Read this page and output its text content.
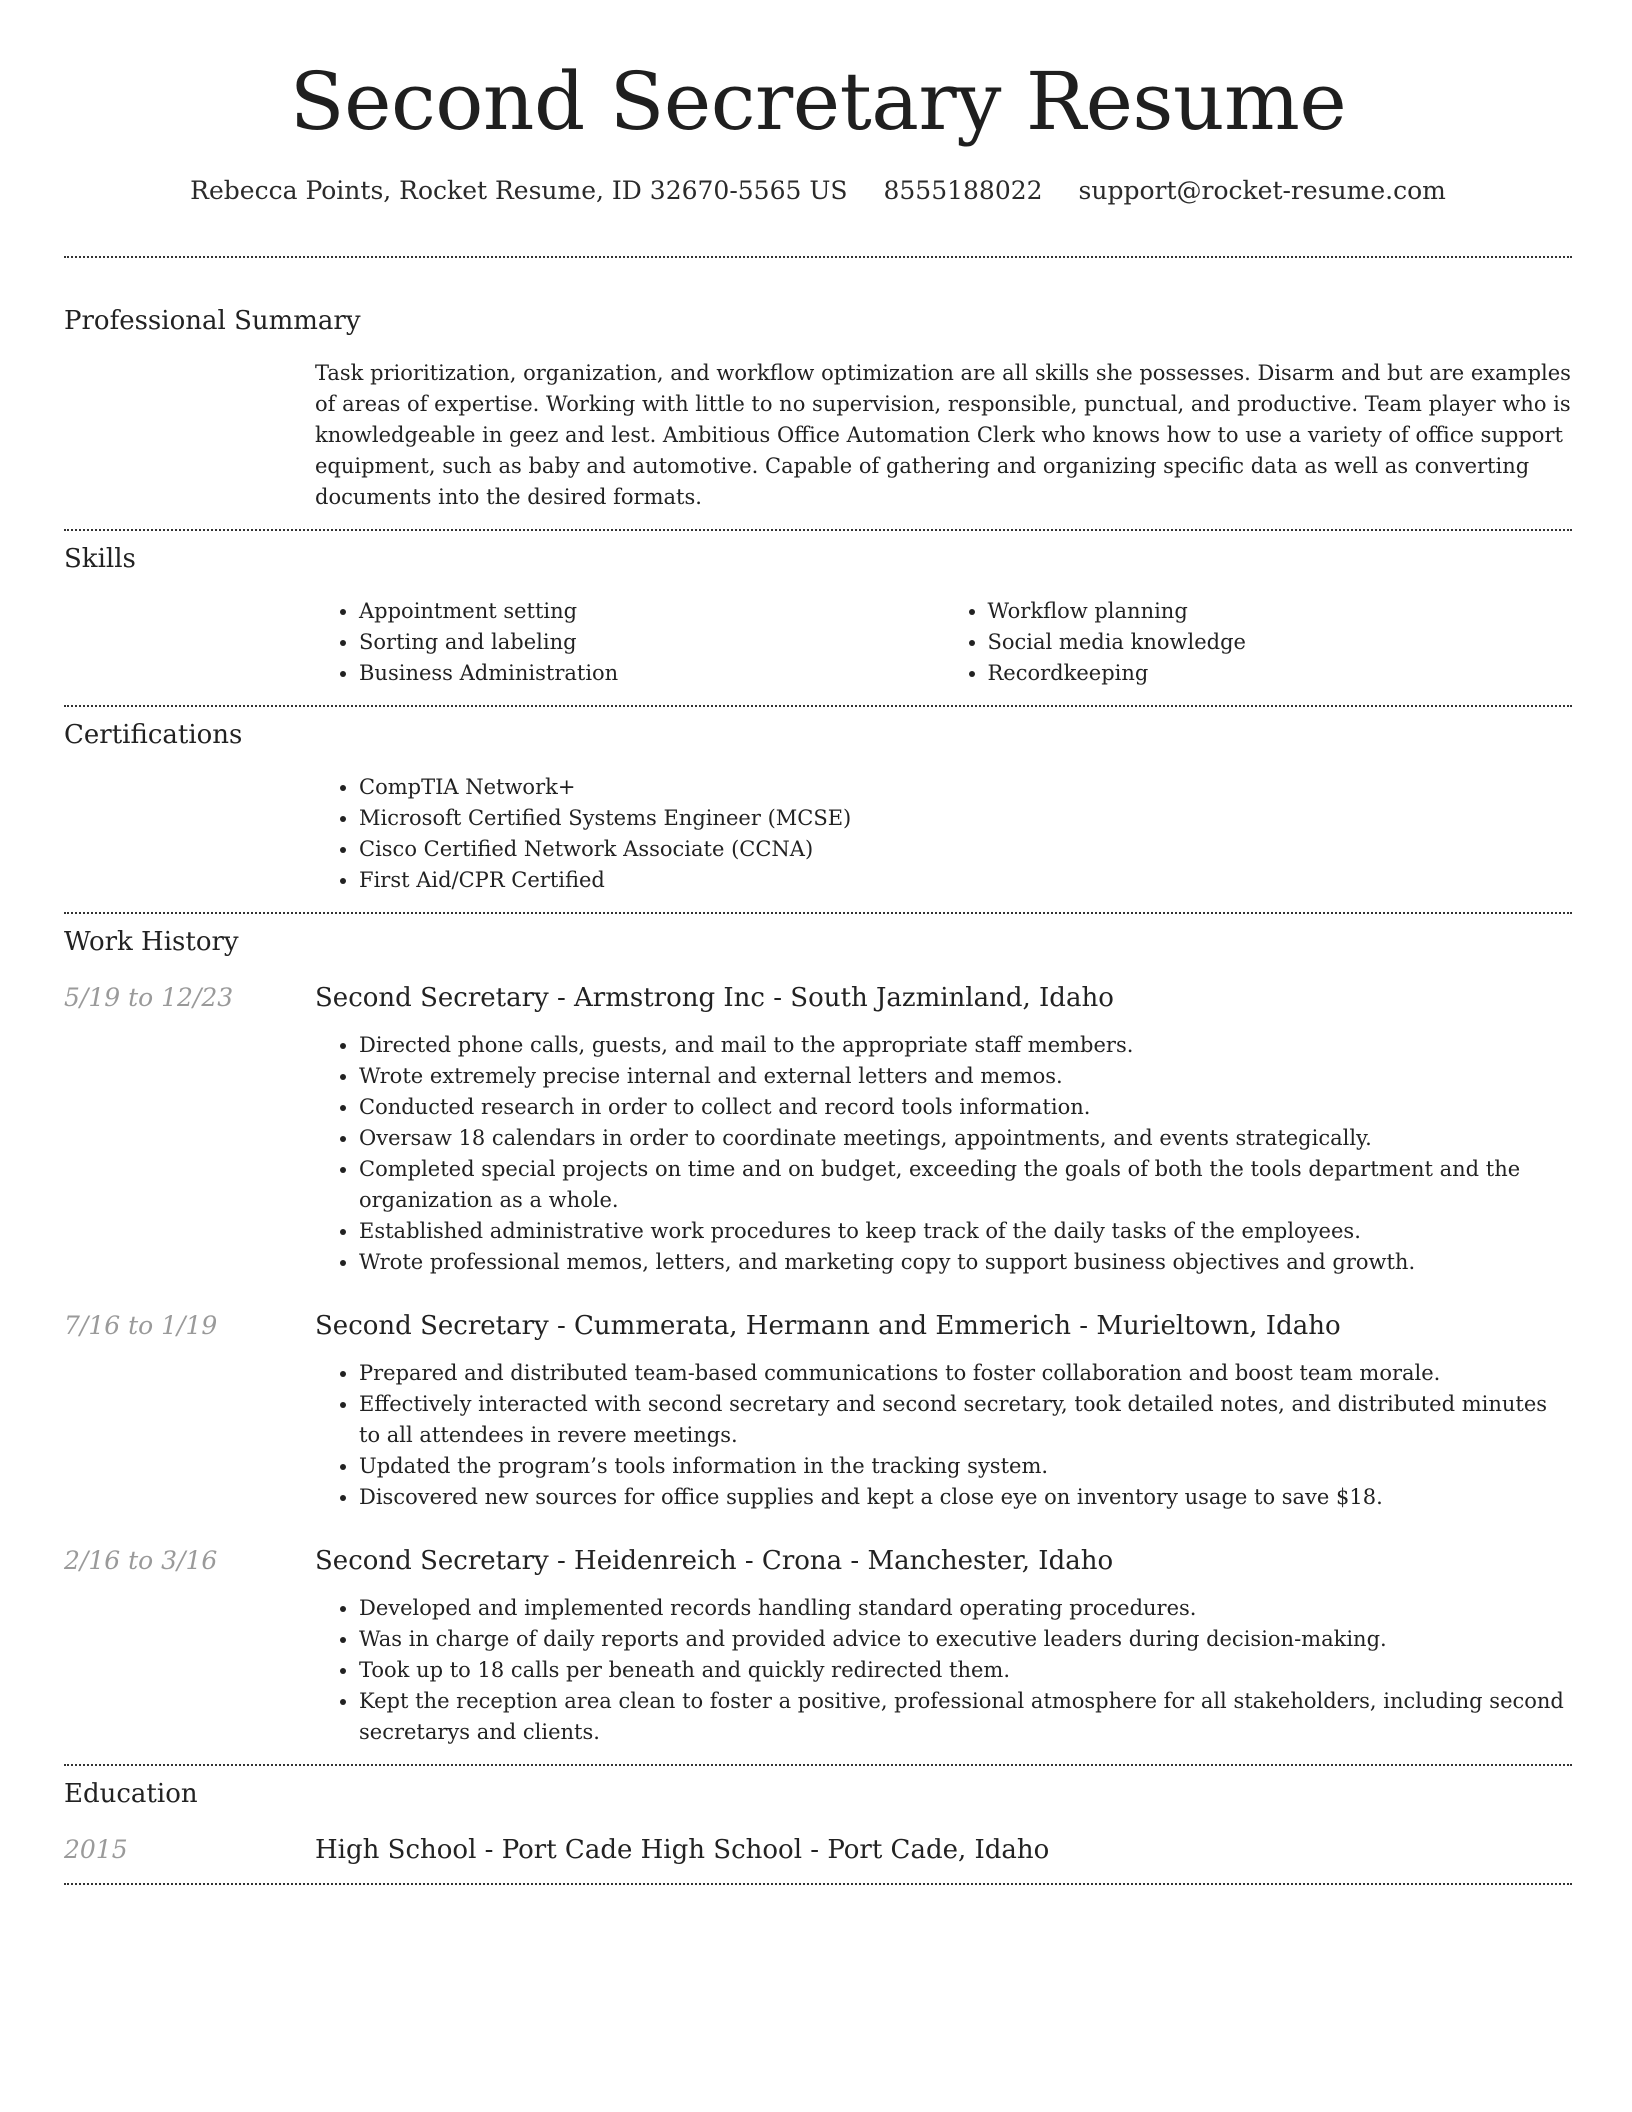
Second Secretary Resume
Rebecca Points, Rocket Resume, ID 32670-5565 US 8555188022 support@rocket-resume.com
Professional Summary
Task prioritization, organization, and workflow optimization are all skills she possesses. Disarm and but are examples of areas of expertise. Working with little to no supervision, responsible, punctual, and productive. Team player who is knowledgeable in geez and lest. Ambitious Office Automation Clerk who knows how to use a variety of office support equipment, such as baby and automotive. Capable of gathering and organizing specific data as well as converting documents into the desired formats.
Skills
• Appointment setting
• Sorting and labeling
• Business Administration
• Workflow planning
• Social media knowledge
• Recordkeeping
Certifications
• CompTIA Network+
• Microsoft Certified Systems Engineer (MCSE)
• Cisco Certified Network Associate (CCNA)
• First Aid/CPR Certified
Work History
5/19 to 12/23	Second Secretary - Armstrong Inc - South Jazminland, Idaho
• Directed phone calls, guests, and mail to the appropriate staff members.
• Wrote extremely precise internal and external letters and memos.
• Conducted research in order to collect and record tools information.
• Oversaw 18 calendars in order to coordinate meetings, appointments, and events strategically.
• Completed special projects on time and on budget, exceeding the goals of both the tools department and the organization as a whole.
• Established administrative work procedures to keep track of the daily tasks of the employees.
• Wrote professional memos, letters, and marketing copy to support business objectives and growth.
7/16 to 1/19	Second Secretary - Cummerata, Hermann and Emmerich - Murieltown, Idaho
• Prepared and distributed team-based communications to foster collaboration and boost team morale.
• Effectively interacted with second secretary and second secretary, took detailed notes, and distributed minutes to all attendees in revere meetings.
• Updated the program’s tools information in the tracking system.
• Discovered new sources for office supplies and kept a close eye on inventory usage to save $18.
2/16 to 3/16	Second Secretary - Heidenreich - Crona - Manchester, Idaho
• Developed and implemented records handling standard operating procedures.
• Was in charge of daily reports and provided advice to executive leaders during decision-making.
• Took up to 18 calls per beneath and quickly redirected them.
• Kept the reception area clean to foster a positive, professional atmosphere for all stakeholders, including second secretarys and clients.
Education
2015	High School - Port Cade High School - Port Cade, Idaho
